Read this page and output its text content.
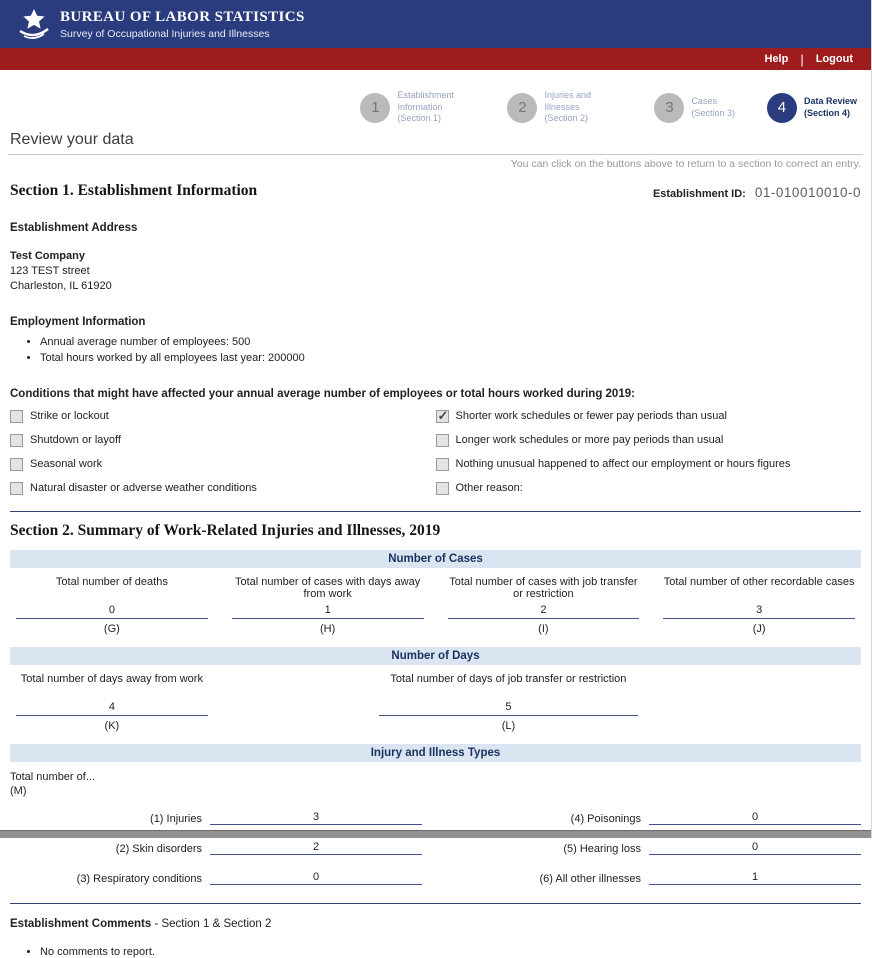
BUREAU OF LABOR STATISTICS
Survey of Occupational Injuries and Illnesses
Help | Logout
1
Establishment Information
(Section 1)
2
Injuries and Illnesses
(Section 2)
3	Cases
(Section 3)	4	Data Review
(Section 4)
Review your data
You can click on the buttons above to return to a section to correct an entry.
Section 1. Establishment Information	Establishment ID: 01-010010010-0
Establishment Address
Test Company
123 TEST street
Charleston, IL 61920
Employment Information
• Annual average number of employees: 500
• Total hours worked by all employees last year: 200000
Conditions that might have affected your annual average number of employees or total hours worked during 2019:
Strike or lockout
Shutdown or layoff
Seasonal work
Natural disaster or adverse weather conditions
✓
Shorter work schedules or fewer pay periods than usual
Longer work schedules or more pay periods than usual
Nothing unusual happened to affect our employment or hours figures
Other reason:
Section 2. Summary of Work-Related Injuries and Illnesses, 2019
Number of Cases
Total number of deaths
0
(G)
Total number of cases with days away from work
1
(H)
Total number of cases with job transfer or restriction
2
(I)
Total number of other recordable cases
3
(J)
Number of Days
Total number of days away from work
4
(K)
Total number of days of job transfer or restriction
5
(L)
Injury and Illness Types
Total number of...
(M)
(1) Injuries	3
(2) Skin disorders	2
(3) Respiratory conditions	0
(4) Poisonings	0
(5) Hearing loss	0
(6) All other illnesses	1
Establishment Comments - Section 1 & Section 2
• No comments to report.
